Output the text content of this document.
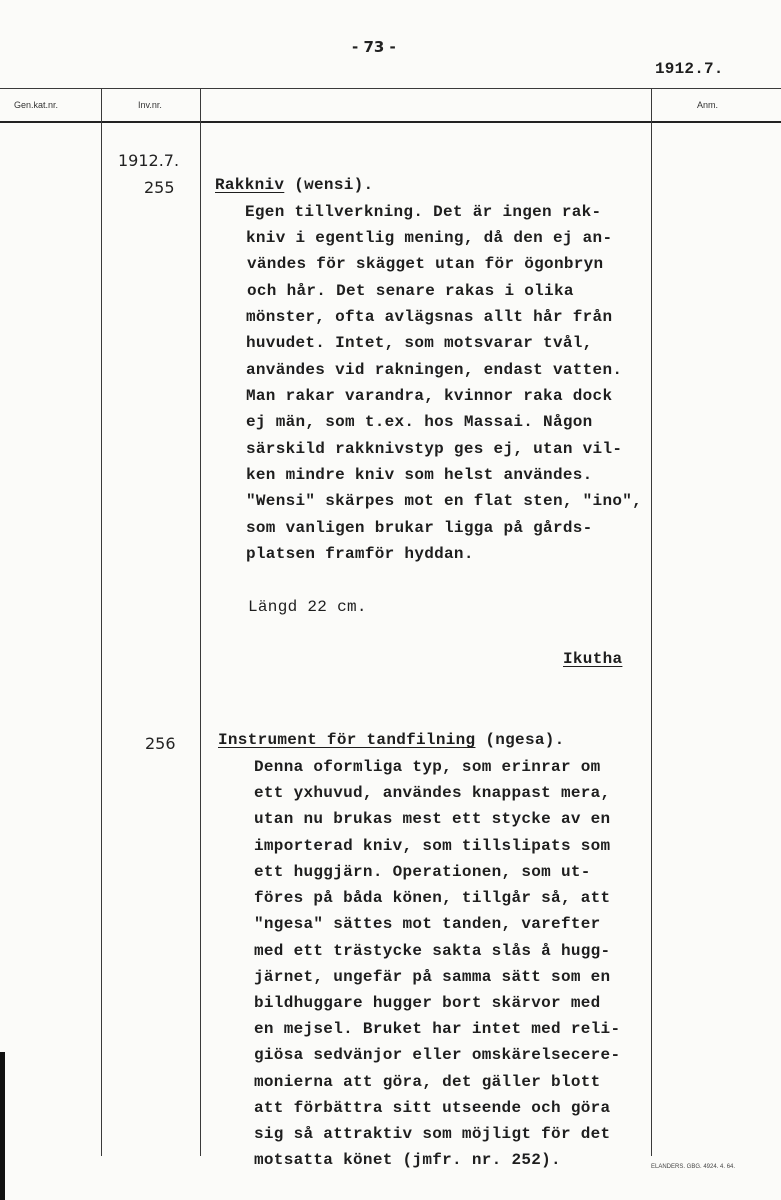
- 73 -
1912.7.
Gen.kat.nr.	Inv.nr.	Anm.
1912.7.
255	Rakkniv (wensi).
Egen tillverkning. Det är ingen rak-
kniv i egentlig mening, då den ej an-
vändes för skägget utan för ögonbryn
och hår. Det senare rakas i olika
mönster, ofta avlägsnas allt hår från
huvudet. Intet, som motsvarar tvål,
användes vid rakningen, endast vatten.
Man rakar varandra, kvinnor raka dock
ej män, som t.ex. hos Massai. Någon
särskild rakknivstyp ges ej, utan vil-
ken mindre kniv som helst användes.
"Wensi" skärpes mot en flat sten, "ino",
som vanligen brukar ligga på gårds-
platsen framför hyddan.
Längd 22 cm.
Ikutha
256	Instrument för tandfilning (ngesa).
Denna oformliga typ, som erinrar om
ett yxhuvud, användes knappast mera,
utan nu brukas mest ett stycke av en
importerad kniv, som tillslipats som
ett huggjärn. Operationen, som ut-
föres på båda könen, tillgår så, att
"ngesa" sättes mot tanden, varefter
med ett trästycke sakta slås å hugg-
järnet, ungefär på samma sätt som en
bildhuggare hugger bort skärvor med
en mejsel. Bruket har intet med reli-
giösa sedvänjor eller omskärelsecere-
monierna att göra, det gäller blott
att förbättra sitt utseende och göra
sig så attraktiv som möjligt för det
motsatta könet (jmfr. nr. 252).	ELANDERS. GBG. 4924. 4. 64.
